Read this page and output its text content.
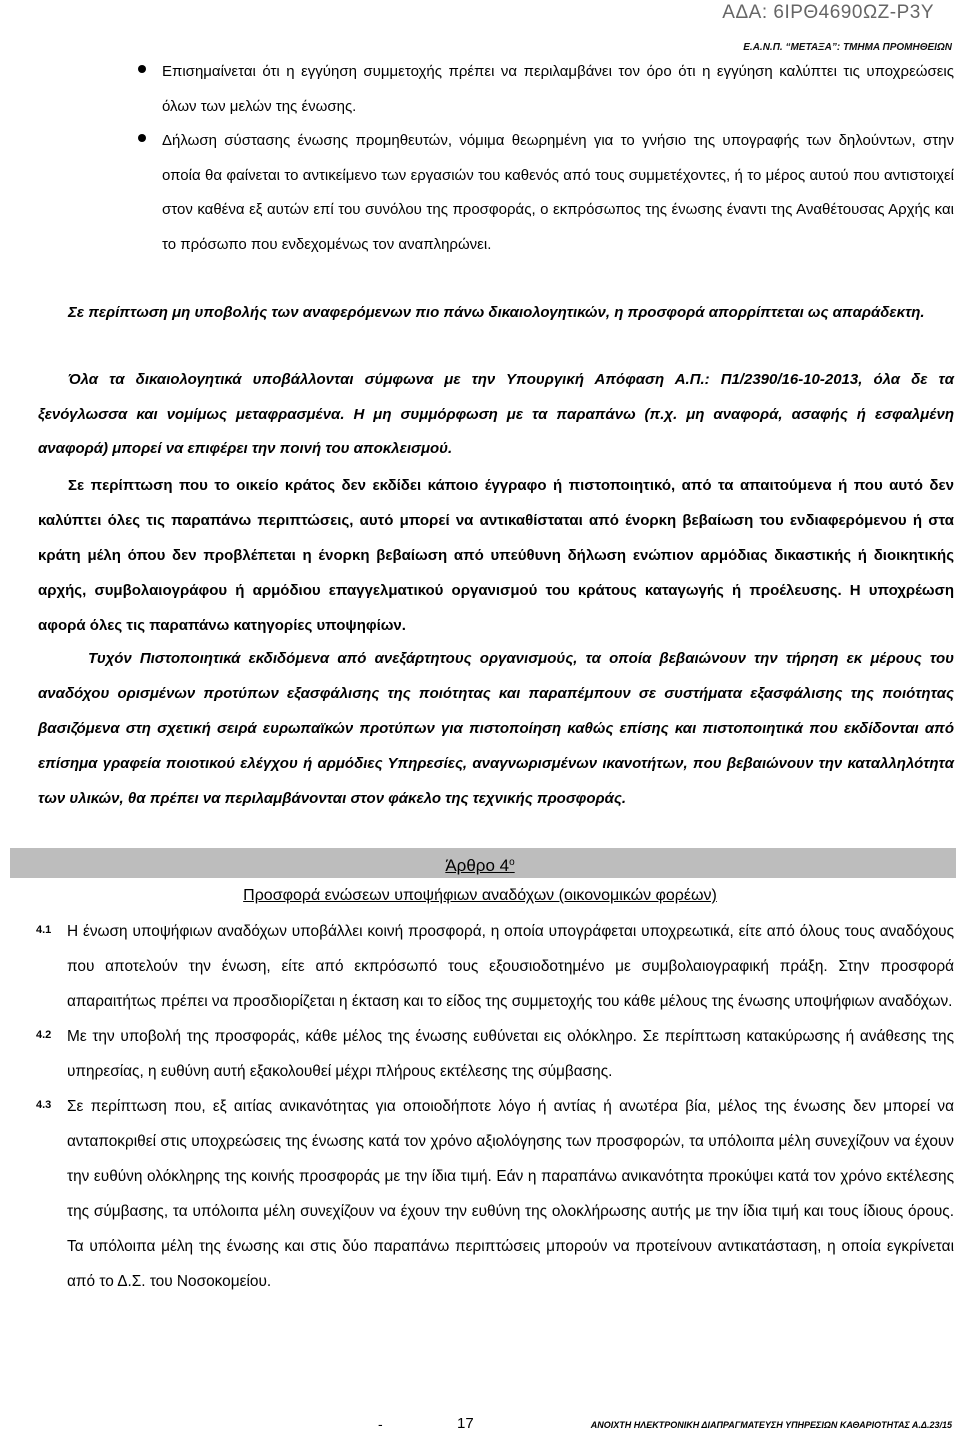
ΑΔΑ: 6ΙΡΘ4690ΩΖ-Ρ3Υ
Ε.Α.Ν.Π. “ΜΕΤΑΞΑ”: ΤΜΗΜΑ ΠΡΟΜΗΘΕΙΩΝ
Επισημαίνεται ότι η εγγύηση συμμετοχής πρέπει να περιλαμβάνει τον όρο ότι η εγγύηση καλύπτει τις υποχρεώσεις όλων των μελών της ένωσης.
Δήλωση σύστασης ένωσης προμηθευτών, νόμιμα θεωρημένη για το γνήσιο της υπογραφής των δηλούντων, στην οποία θα φαίνεται το αντικείμενο των εργασιών του καθενός από τους συμμετέχοντες, ή το μέρος αυτού που αντιστοιχεί στον καθένα εξ αυτών επί του συνόλου της προσφοράς, ο εκπρόσωπος της ένωσης έναντι της Αναθέτουσας Αρχής και το πρόσωπο που ενδεχομένως τον αναπληρώνει.
Σε περίπτωση μη υποβολής των αναφερόμενων πιο πάνω δικαιολογητικών, η προσφορά απορρίπτεται ως απαράδεκτη.
Όλα τα δικαιολογητικά υποβάλλονται σύμφωνα με την Υπουργική Απόφαση Α.Π.: Π1/2390/16-10-2013, όλα δε τα ξενόγλωσσα και νομίμως μεταφρασμένα. Η μη συμμόρφωση με τα παραπάνω (π.χ. μη αναφορά, ασαφής ή εσφαλμένη αναφορά) μπορεί να επιφέρει την ποινή του αποκλεισμού.
Σε περίπτωση που το οικείο κράτος δεν εκδίδει κάποιο έγγραφο ή πιστοποιητικό, από τα απαιτούμενα ή που αυτό δεν καλύπτει όλες τις παραπάνω περιπτώσεις, αυτό μπορεί να αντικαθίσταται από ένορκη βεβαίωση του ενδιαφερόμενου ή στα κράτη μέλη όπου δεν προβλέπεται η ένορκη βεβαίωση από υπεύθυνη δήλωση ενώπιον αρμόδιας δικαστικής ή διοικητικής αρχής, συμβολαιογράφου ή αρμόδιου επαγγελματικού οργανισμού του κράτους καταγωγής ή προέλευσης. Η υποχρέωση αφορά όλες τις παραπάνω κατηγορίες υποψηφίων.
Τυχόν Πιστοποιητικά εκδιδόμενα από ανεξάρτητους οργανισμούς, τα οποία βεβαιώνουν την τήρηση εκ μέρους του αναδόχου ορισμένων προτύπων εξασφάλισης της ποιότητας και παραπέμπουν σε συστήματα εξασφάλισης της ποιότητας βασιζόμενα στη σχετική σειρά ευρωπαϊκών προτύπων για πιστοποίηση καθώς επίσης και πιστοποιητικά που εκδίδονται από επίσημα γραφεία ποιοτικού ελέγχου ή αρμόδιες Υπηρεσίες, αναγνωρισμένων ικανοτήτων, που βεβαιώνουν την καταλληλότητα των υλικών, θα πρέπει να περιλαμβάνονται στον φάκελο της τεχνικής προσφοράς.
Άρθρο $4^o$
Προσφορά ενώσεων υποψήφιων αναδόχων (οικονομικών φορέων)
4.1 Η ένωση υποψήφιων αναδόχων υποβάλλει κοινή προσφορά, η οποία υπογράφεται υποχρεωτικά, είτε από όλους τους αναδόχους που αποτελούν την ένωση, είτε από εκπρόσωπό τους εξουσιοδοτημένο με συμβολαιογραφική πράξη. Στην προσφορά απαραιτήτως πρέπει να προσδιορίζεται η έκταση και το είδος της συμμετοχής του κάθε μέλους της ένωσης υποψήφιων αναδόχων.
4.2 Με την υποβολή της προσφοράς, κάθε μέλος της ένωσης ευθύνεται εις ολόκληρο. Σε περίπτωση κατακύρωσης ή ανάθεσης της υπηρεσίας, η ευθύνη αυτή εξακολουθεί μέχρι πλήρους εκτέλεσης της σύμβασης.
4.3 Σε περίπτωση που, εξ αιτίας ανικανότητας για οποιοδήποτε λόγο ή αντίας ή ανωτέρα βία, μέλος της ένωσης δεν μπορεί να ανταποκριθεί στις υποχρεώσεις της ένωσης κατά τον χρόνο αξιολόγησης των προσφορών, τα υπόλοιπα μέλη συνεχίζουν να έχουν την ευθύνη ολόκληρης της κοινής προσφοράς με την ίδια τιμή. Εάν η παραπάνω ανικανότητα προκύψει κατά τον χρόνο εκτέλεσης της σύμβασης, τα υπόλοιπα μέλη συνεχίζουν να έχουν την ευθύνη της ολοκλήρωσης αυτής με την ίδια τιμή και τους ίδιους όρους. Τα υπόλοιπα μέλη της ένωσης και στις δύο παραπάνω περιπτώσεις μπορούν να προτείνουν αντικατάσταση, η οποία εγκρίνεται από το Δ.Σ. του Νοσοκομείου.
-	17	ΑΝΟΙΧΤΗ ΗΛΕΚΤΡΟΝΙΚΗ ΔΙΑΠΡΑΓΜΑΤΕΥΣΗ ΥΠΗΡΕΣΙΩΝ ΚΑΘΑΡΙΟΤΗΤΑΣ Α.Δ.23/15
